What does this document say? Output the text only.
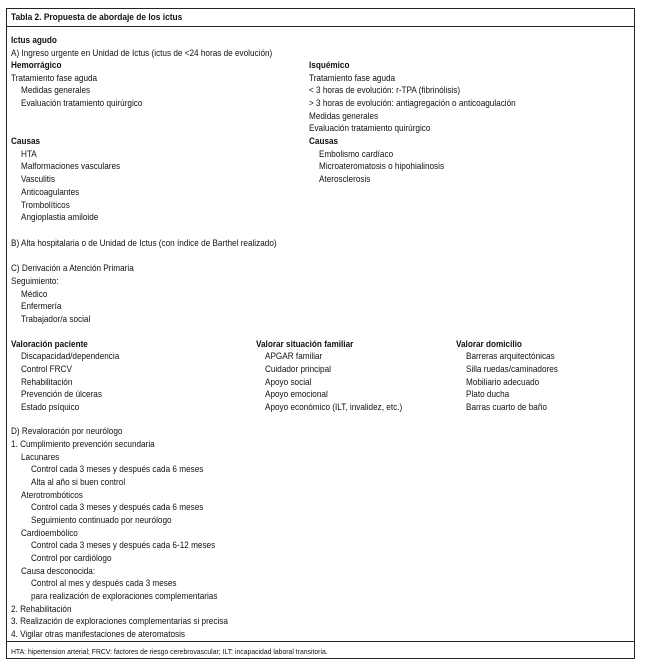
Tabla 2. Propuesta de abordaje de los ictus
HTA: hipertension arterial; FRCV: factores de riesgo cerebrovascular; ILT: incapacidad laboral transitoria.
Ictus agudo
A) Ingreso urgente en Unidad de Ictus (ictus de <24 horas de evolución)
Hemorrágico
Tratamiento fase aguda
Medidas generales
Evaluación tratamiento quirúrgico
Causas
HTA
Malformaciones vasculares
Vasculitis
Anticoagulantes
Trombolíticos
Angioplastia amiloide
Isquémico
Tratamiento fase aguda
< 3 horas de evolución: r-TPA (fibrinólisis)
> 3 horas de evolución: antiagregación o anticoagulación
Medidas generales
Evaluación tratamiento quirúrgico
Causas
Embolismo cardíaco
Microateromatosis o hipohialinosis
Aterosclerosis
B) Alta hospitalaria o de Unidad de Ictus (con índice de Barthel realizado)
C) Derivación a Atención Primaria
Seguimiento:
Médico
Enfermería
Trabajador/a social
Valoración paciente
Discapacidad/dependencia
Control FRCV
Rehabilitación
Prevención de úlceras
Estado psíquico
Valorar situación familiar
APGAR familiar
Cuidador principal
Apoyo social
Apoyo emocional
Apoyo económico (ILT, invalidez, etc.)
Valorar domicilio
Barreras arquitectónicas
Silla ruedas/caminadores
Mobiliario adecuado
Plato ducha
Barras cuarto de baño
D) Revaloración por neurólogo
1. Cumplimiento prevención secundaria
Lacunares
Control cada 3 meses y después cada 6 meses
Alta al año si buen control
Aterotrombóticos
Control cada 3 meses y después cada 6 meses
Seguimiento continuado por neurólogo
Cardioembólico
Control cada 3 meses y después cada 6-12 meses
Control por cardiólogo
Causa desconocida:
Control al mes y después cada 3 meses
para realización de exploraciones complementarias
2. Rehabilitación
3. Realización de exploraciones complementarias si precisa
4. Vigilar otras manifestaciones de ateromatosis
